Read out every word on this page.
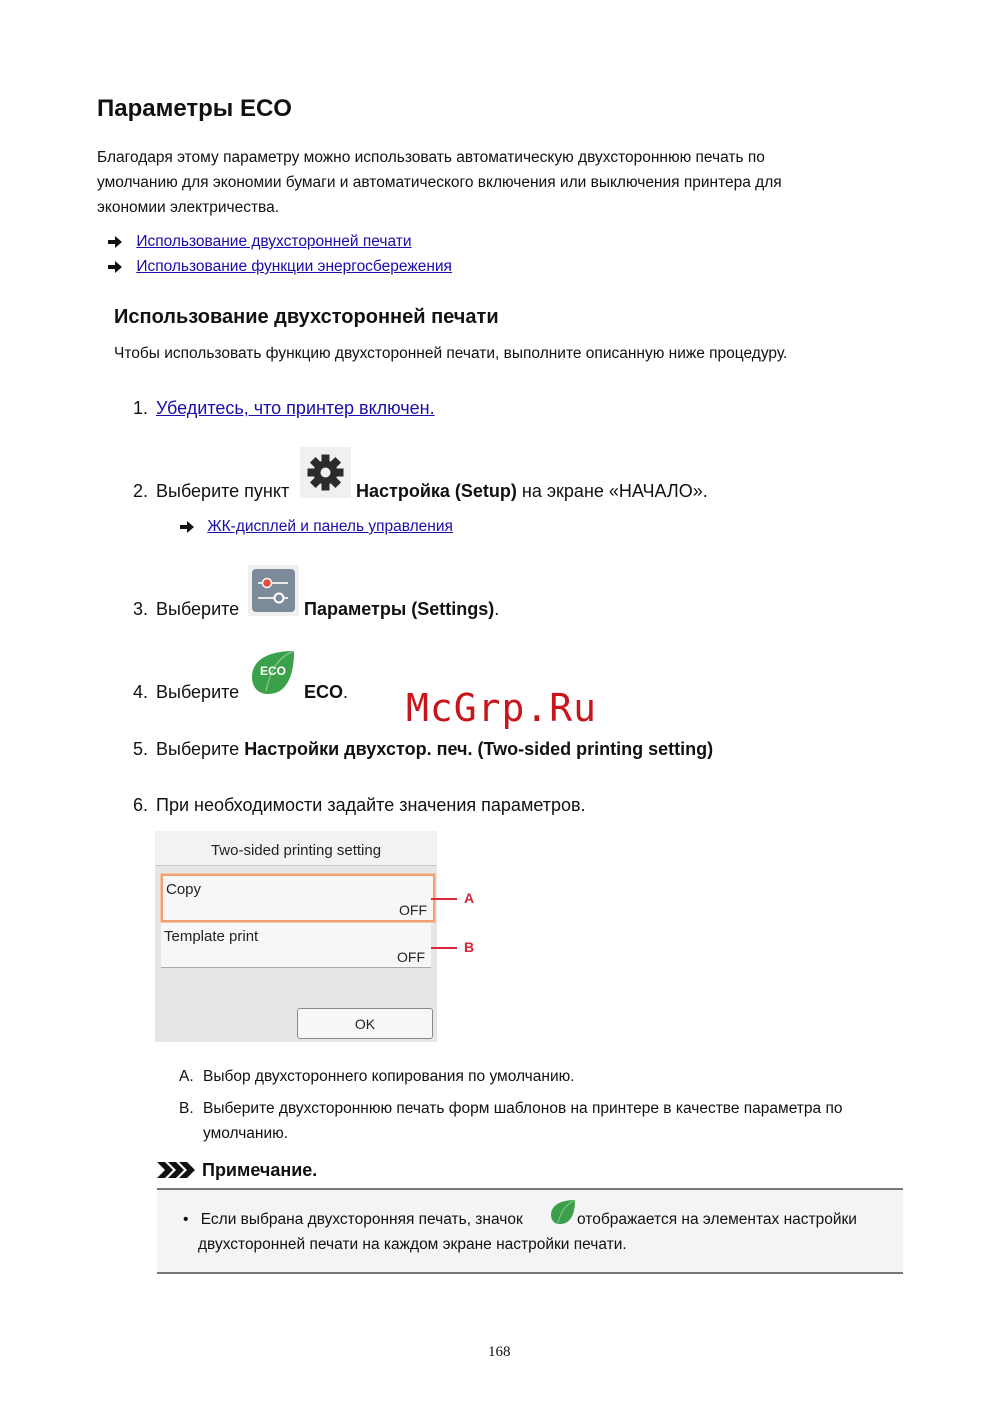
Параметры ECO
Благодаря этому параметру можно использовать автоматическую двухстороннюю печать по
умолчанию для экономии бумаги и автоматического включения или выключения принтера для
экономии электричества.
Использование двухсторонней печати
Использование функции энергосбережения
Использование двухсторонней печати
Чтобы использовать функцию двухсторонней печати, выполните описанную ниже процедуру.
1. Убедитесь, что принтер включен.
2. Выберите пункт	Настройка (Setup) на экране «НАЧАЛО».
ЖК-дисплей и панель управления
3. Выберите	Параметры (Settings).
4. Выберите
ECO
ECO. McGrp.Ru
5. Выберите Настройки двухстор. печ. (Two-sided printing setting)
6. При необходимости задайте значения параметров.
Two-sided printing setting
Copy
OFF
Template print
OFF
OK
A
B
A. Выбор двухстороннего копирования по умолчанию.
B. Выберите двухстороннюю печать форм шаблонов на принтере в качестве параметра по
умолчанию.
Примечание.
• Если выбрана двухсторонняя печать, значок	отображается на элементах настройки
двухсторонней печати на каждом экране настройки печати.
168
